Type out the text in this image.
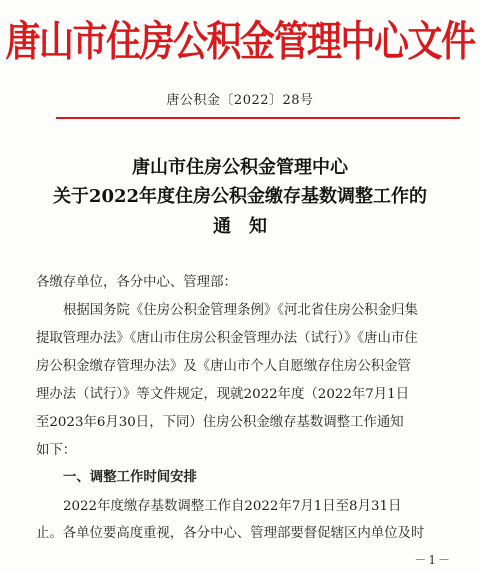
唐山市住房公积金管理中心文件
唐公积金〔2022〕28号
唐山市住房公积金管理中心
关于2022年度住房公积金缴存基数调整工作的
通知
各缴存单位，各分中心、管理部：
根据国务院《住房公积金管理条例》《河北省住房公积金归集
提取管理办法》《唐山市住房公积金管理办法（试行）》《唐山市住
房公积金缴存管理办法》及《唐山市个人自愿缴存住房公积金管
理办法（试行）》等文件规定，现就2022年度（2022年7月1日
至2023年6月30日，下同）住房公积金缴存基数调整工作通知
如下：
一、调整工作时间安排
2022年度缴存基数调整工作自2022年7月1日至8月31日
止。各单位要高度重视，各分中心、管理部要督促辖区内单位及时
－1－
